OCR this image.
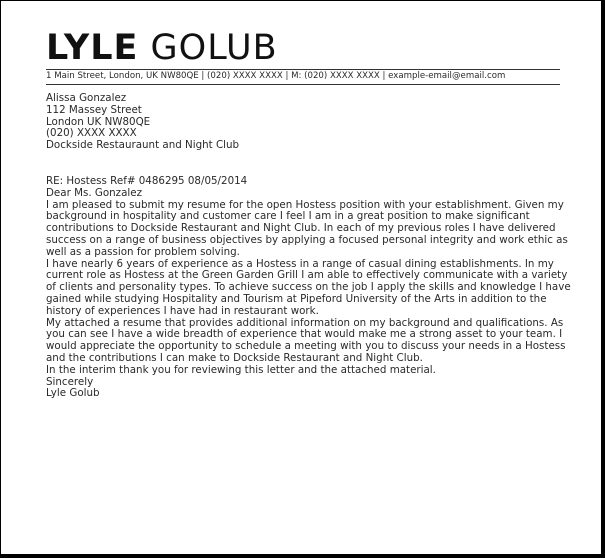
LYLE GOLUB
1 Main Street, London, UK NW80QE | (020) XXXX XXXX | M: (020) XXXX XXXX | example-email@email.com
Alissa Gonzalez
112 Massey Street
London UK NW80QE
(020) XXXX XXXX
Dockside Restauraunt and Night Club

RE: Hostess Ref# 0486295 08/05/2014

Dear Ms. Gonzalez

I am pleased to submit my resume for the open Hostess position with your establishment. Given my background in hospitality and customer care I feel I am in a great position to make significant contributions to Dockside Restaurant and Night Club. In each of my previous roles I have delivered success on a range of business objectives by applying a focused personal integrity and work ethic as well as a passion for problem solving.

I have nearly 6 years of experience as a Hostess in a range of casual dining establishments. In my current role as Hostess at the Green Garden Grill I am able to effectively communicate with a variety of clients and personality types. To achieve success on the job I apply the skills and knowledge I have gained while studying Hospitality and Tourism at Pipeford University of the Arts in addition to the history of experiences I have had in restaurant work.

My attached a resume that provides additional information on my background and qualifications. As you can see I have a wide breadth of experience that would make me a strong asset to your team. I would appreciate the opportunity to schedule a meeting with you to discuss your needs in a Hostess and the contributions I can make to Dockside Restaurant and Night Club.

In the interim thank you for reviewing this letter and the attached material.

Sincerely

Lyle Golub
